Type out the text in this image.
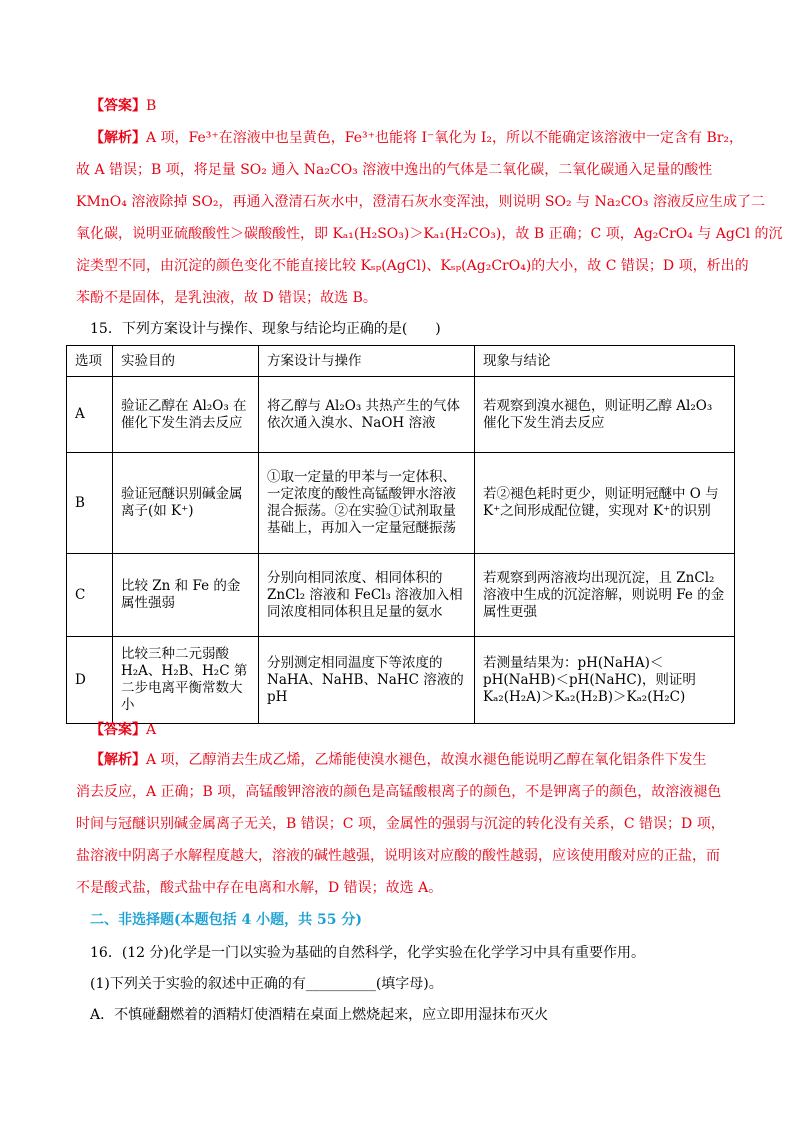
【答案】B
【解析】A 项，Fe³⁺在溶液中也呈黄色，Fe³⁺也能将 I⁻氧化为 I₂，所以不能确定该溶液中一定含有 Br₂，
故 A 错误；B 项，将足量 SO₂ 通入 Na₂CO₃ 溶液中逸出的气体是二氧化碳，二氧化碳通入足量的酸性
KMnO₄ 溶液除掉 SO₂，再通入澄清石灰水中，澄清石灰水变浑浊，则说明 SO₂ 与 Na₂CO₃ 溶液反应生成了二
氧化碳，说明亚硫酸酸性＞碳酸酸性，即 Kₐ₁(H₂SO₃)＞Kₐ₁(H₂CO₃)，故 B 正确；C 项，Ag₂CrO₄ 与 AgCl 的沉
淀类型不同，由沉淀的颜色变化不能直接比较 Kₛₚ(AgCl)、Kₛₚ(Ag₂CrO₄)的大小，故 C 错误；D 项，析出的
苯酚不是固体，是乳浊液，故 D 错误；故选 B。
15．下列方案设计与操作、现象与结论均正确的是(　　)
选项	实验目的	方案设计与操作	现象与结论
A	验证乙醇在 Al₂O₃ 在催化下发生消去反应	将乙醇与 Al₂O₃ 共热产生的气体依次通入溴水、NaOH 溶液	若观察到溴水褪色，则证明乙醇 Al₂O₃ 催化下发生消去反应
B	验证冠醚识别碱金属离子(如 K⁺)	①取一定量的甲苯与一定体积、一定浓度的酸性高锰酸钾水溶液混合振荡。②在实验①试剂取量基础上，再加入一定量冠醚振荡	若②褪色耗时更少，则证明冠醚中 O 与 K⁺之间形成配位键，实现对 K⁺的识别
C	比较 Zn 和 Fe 的金属性强弱	分别向相同浓度、相同体积的 ZnCl₂ 溶液和 FeCl₃ 溶液加入相同浓度相同体积且足量的氨水	若观察到两溶液均出现沉淀，且 ZnCl₂ 溶液中生成的沉淀溶解，则说明 Fe 的金属性更强
D	比较三种二元弱酸 H₂A、H₂B、H₂C 第二步电离平衡常数大小	分别测定相同温度下等浓度的 NaHA、NaHB、NaHC 溶液的 pH	若测量结果为：pH(NaHA)＜pH(NaHB)＜pH(NaHC)，则证明 Kₐ₂(H₂A)＞Kₐ₂(H₂B)＞Kₐ₂(H₂C)
【答案】A
【解析】A 项，乙醇消去生成乙烯，乙烯能使溴水褪色，故溴水褪色能说明乙醇在氧化铝条件下发生
消去反应，A 正确；B 项，高锰酸钾溶液的颜色是高锰酸根离子的颜色，不是钾离子的颜色，故溶液褪色
时间与冠醚识别碱金属离子无关，B 错误；C 项，金属性的强弱与沉淀的转化没有关系，C 错误；D 项，
盐溶液中阴离子水解程度越大，溶液的碱性越强，说明该对应酸的酸性越弱，应该使用酸对应的正盐，而
不是酸式盐，酸式盐中存在电离和水解，D 错误；故选 A。
二、非选择题(本题包括 4 小题，共 55 分)
16．(12 分)化学是一门以实验为基础的自然科学，化学实验在化学学习中具有重要作用。
(1)下列关于实验的叙述中正确的有__________(填字母)。
A．不慎碰翻燃着的酒精灯使酒精在桌面上燃烧起来，应立即用湿抹布灭火
